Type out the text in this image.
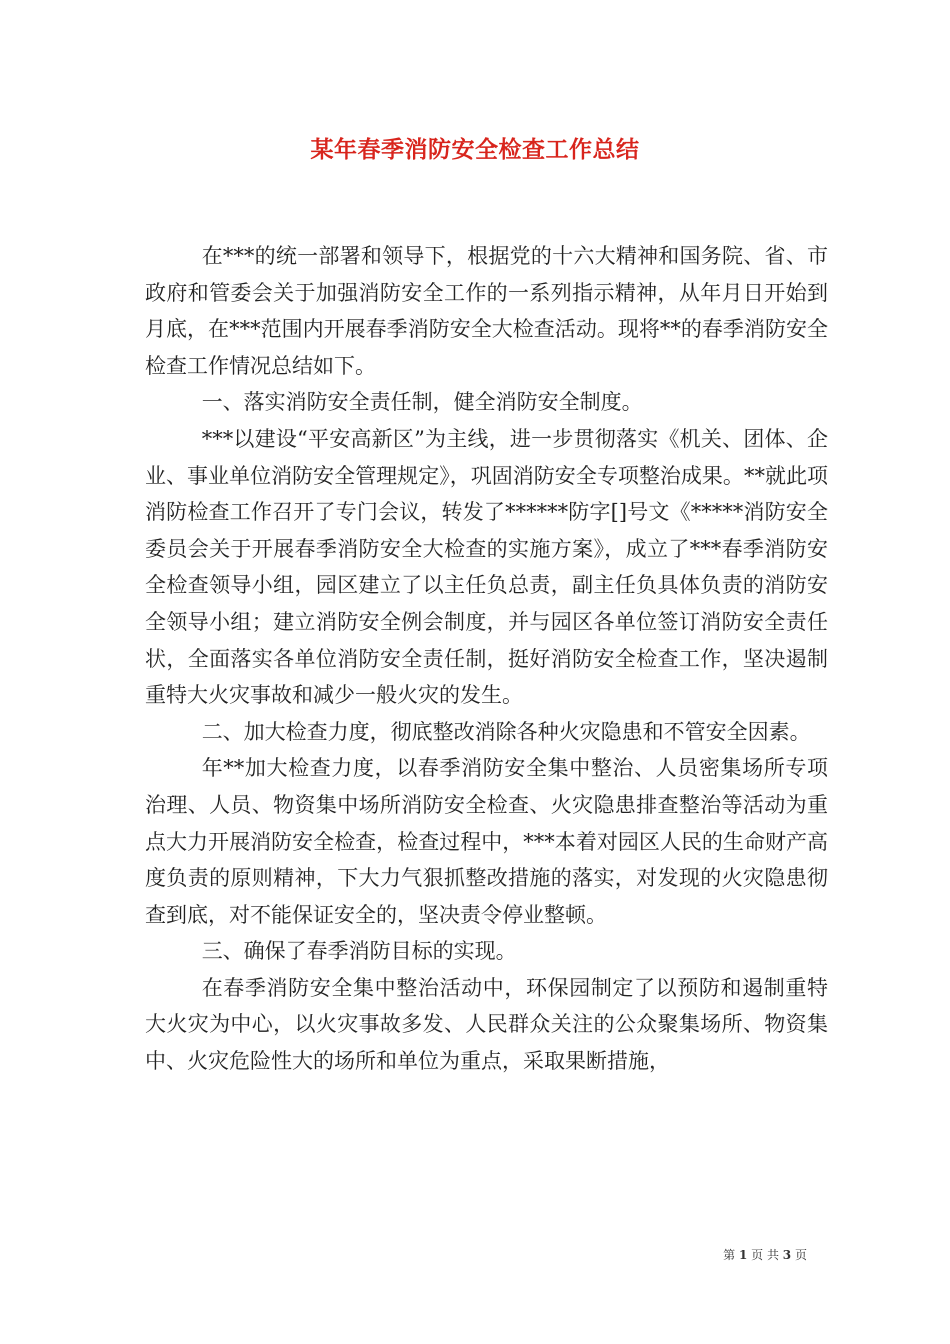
某年春季消防安全检查工作总结

在***的统一部署和领导下，根据党的十六大精神和国务院、省、市政府和管委会关于加强消防安全工作的一系列指示精神，从年月日开始到月底，在***范围内开展春季消防安全大检查活动。现将**的春季消防安全检查工作情况总结如下。

一、落实消防安全责任制，健全消防安全制度。

***以建设“平安高新区”为主线，进一步贯彻落实《机关、团体、企业、事业单位消防安全管理规定》，巩固消防安全专项整治成果。**就此项消防检查工作召开了专门会议，转发了******防字[]号文《*****消防安全委员会关于开展春季消防安全大检查的实施方案》，成立了***春季消防安全检查领导小组，园区建立了以主任负总责，副主任负具体负责的消防安全领导小组；建立消防安全例会制度，并与园区各单位签订消防安全责任状，全面落实各单位消防安全责任制，挺好消防安全检查工作，坚决遏制重特大火灾事故和减少一般火灾的发生。

二、加大检查力度，彻底整改消除各种火灾隐患和不管安全因素。

年**加大检查力度，以春季消防安全集中整治、人员密集场所专项治理、人员、物资集中场所消防安全检查、火灾隐患排查整治等活动为重点大力开展消防安全检查，检查过程中，***本着对园区人民的生命财产高度负责的原则精神，下大力气狠抓整改措施的落实，对发现的火灾隐患彻查到底，对不能保证安全的，坚决责令停业整顿。

三、确保了春季消防目标的实现。

在春季消防安全集中整治活动中，环保园制定了以预防和遏制重特大火灾为中心，以火灾事故多发、人民群众关注的公众聚集场所、物资集中、火灾危险性大的场所和单位为重点，采取果断措施，

第 1 页 共 3 页
